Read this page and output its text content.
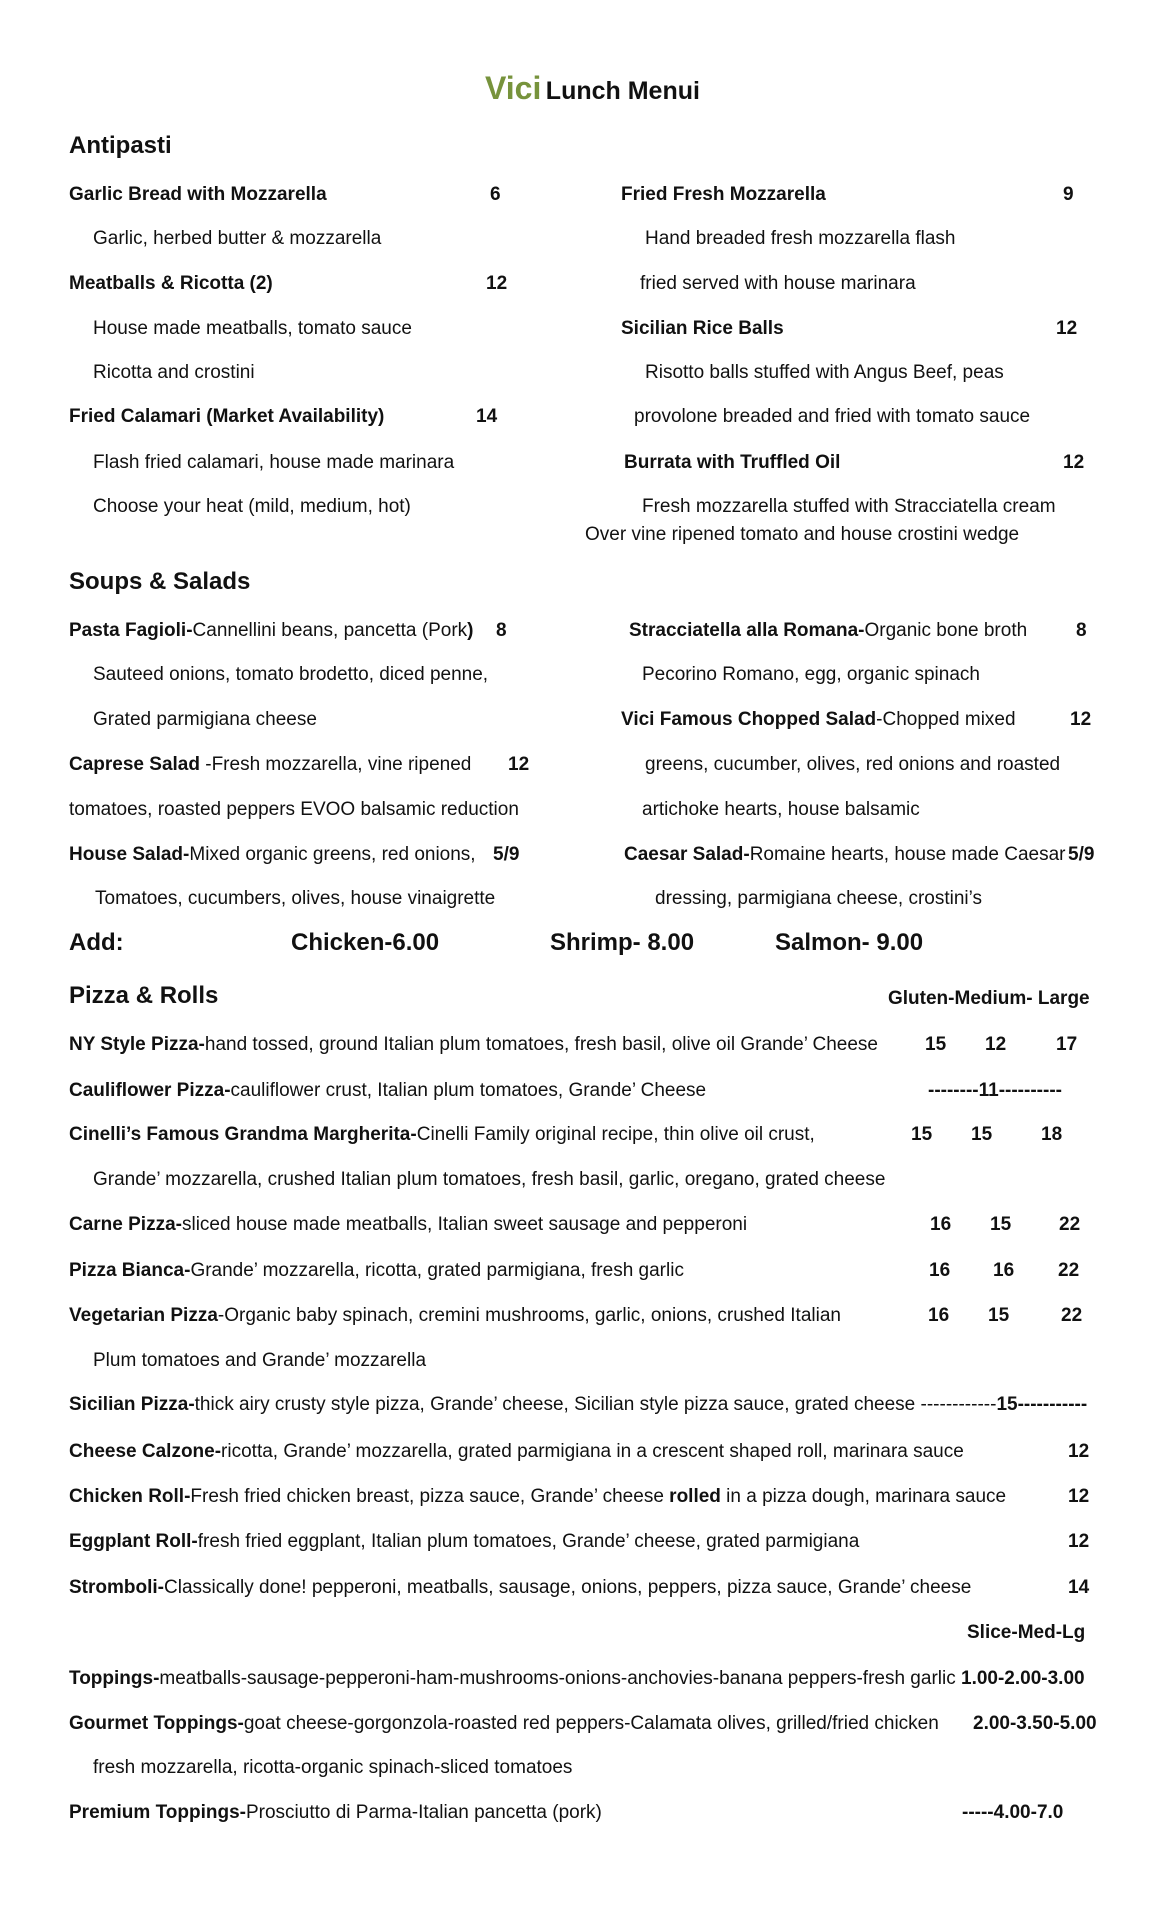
Vici Lunch Menui
Antipasti
Garlic Bread with Mozzarella	6
Garlic, herbed butter & mozzarella
Meatballs & Ricotta (2)	12
House made meatballs, tomato sauce
Ricotta and crostini
Fried Calamari (Market Availability)	14
Flash fried calamari, house made marinara
Choose your heat (mild, medium, hot)
Fried Fresh Mozzarella	9
Hand breaded fresh mozzarella flash
fried served with house marinara
Sicilian Rice Balls	12
Risotto balls stuffed with Angus Beef, peas
provolone breaded and fried with tomato sauce
Burrata with Truffled Oil	12
Fresh mozzarella stuffed with Stracciatella cream
Over vine ripened tomato and house crostini wedge
Soups & Salads
Pasta Fagioli-Cannellini beans, pancetta (Pork) 8
Sauteed onions, tomato brodetto, diced penne,
Grated parmigiana cheese
Caprese Salad -Fresh mozzarella, vine ripened 12
tomatoes, roasted peppers EVOO balsamic reduction
House Salad-Mixed organic greens, red onions, 5/9
Tomatoes, cucumbers, olives, house vinaigrette
Stracciatella alla Romana-Organic bone broth	8
Pecorino Romano, egg, organic spinach
Vici Famous Chopped Salad-Chopped mixed	12
greens, cucumber, olives, red onions and roasted
artichoke hearts, house balsamic
Caesar Salad-Romaine hearts, house made Caesar 5/9
dressing, parmigiana cheese, crostini’s
Add:	Chicken-6.00	Shrimp- 8.00	Salmon- 9.00
Pizza & Rolls	Gluten-Medium- Large
NY Style Pizza-hand tossed, ground Italian plum tomatoes, fresh basil, olive oil Grande’ Cheese 15 12	17
Cauliflower Pizza-cauliflower crust, Italian plum tomatoes, Grande’ Cheese	--------11----------
Cinelli’s Famous Grandma Margherita-Cinelli Family original recipe, thin olive oil crust,	15 15	18
Grande’ mozzarella, crushed Italian plum tomatoes, fresh basil, garlic, oregano, grated cheese
Carne Pizza-sliced house made meatballs, Italian sweet sausage and pepperoni	16 15	22
Pizza Bianca-Grande’ mozzarella, ricotta, grated parmigiana, fresh garlic	16 16 22
Vegetarian Pizza-Organic baby spinach, cremini mushrooms, garlic, onions, crushed Italian	16 15	22
Plum tomatoes and Grande’ mozzarella
Sicilian Pizza-thick airy crusty style pizza, Grande’ cheese, Sicilian style pizza sauce, grated cheese ------------15-----------
Cheese Calzone-ricotta, Grande’ mozzarella, grated parmigiana in a crescent shaped roll, marinara sauce	12
Chicken Roll-Fresh fried chicken breast, pizza sauce, Grande’ cheese rolled in a pizza dough, marinara sauce	12
Eggplant Roll-fresh fried eggplant, Italian plum tomatoes, Grande’ cheese, grated parmigiana	12
Stromboli-Classically done! pepperoni, meatballs, sausage, onions, peppers, pizza sauce, Grande’ cheese	14
Slice-Med-Lg
Toppings-meatballs-sausage-pepperoni-ham-mushrooms-onions-anchovies-banana peppers-fresh garlic 1.00-2.00-3.00
Gourmet Toppings-goat cheese-gorgonzola-roasted red peppers-Calamata olives, grilled/fried chicken 2.00-3.50-5.00
fresh mozzarella, ricotta-organic spinach-sliced tomatoes
Premium Toppings-Prosciutto di Parma-Italian pancetta (pork)	-----4.00-7.0
